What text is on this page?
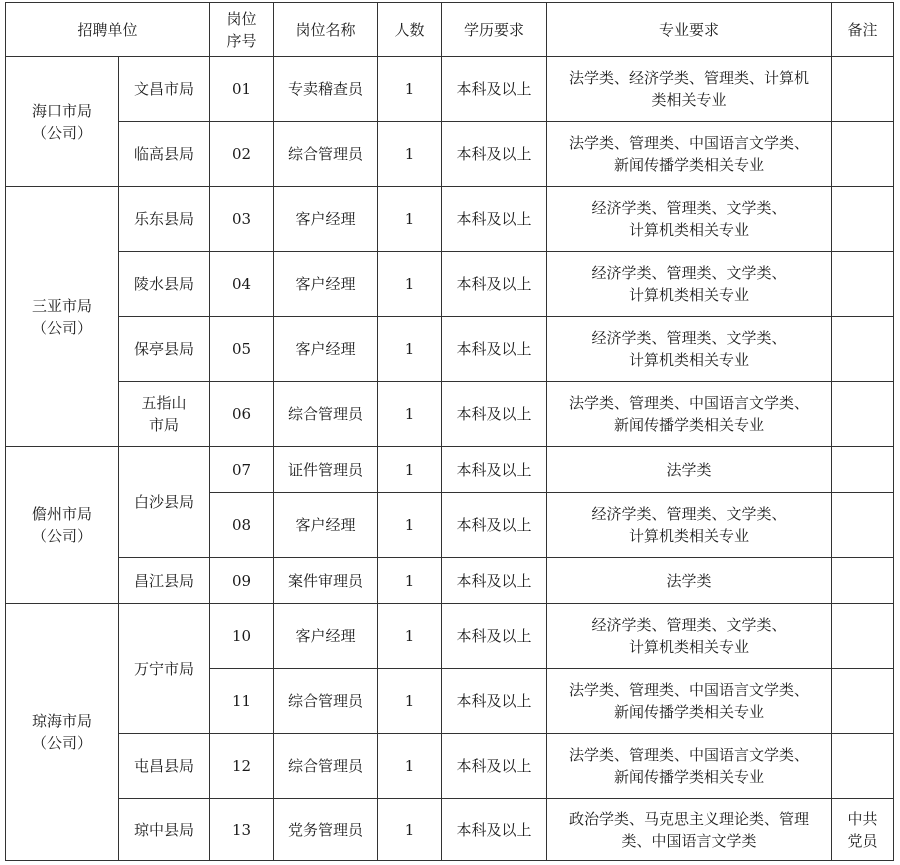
招聘单位		岗位
序号	岗位名称	人数	学历要求	专业要求	备注
海口市局
（公司）	文昌市局	01	专卖稽查员	1	本科及以上	法学类、经济学类、管理类、计算机
类相关专业	
	临高县局	02	综合管理员	1	本科及以上	法学类、管理类、中国语言文学类、
新闻传播学类相关专业	
三亚市局
（公司）	乐东县局	03	客户经理	1	本科及以上	经济学类、管理类、文学类、
计算机类相关专业	
	陵水县局	04	客户经理	1	本科及以上	经济学类、管理类、文学类、
计算机类相关专业	
	保亭县局	05	客户经理	1	本科及以上	经济学类、管理类、文学类、
计算机类相关专业	
	五指山
市局	06	综合管理员	1	本科及以上	法学类、管理类、中国语言文学类、
新闻传播学类相关专业	
儋州市局
（公司）	白沙县局	07	证件管理员	1	本科及以上	法学类	
		08	客户经理	1	本科及以上	经济学类、管理类、文学类、
计算机类相关专业	
	昌江县局	09	案件审理员	1	本科及以上	法学类	
琼海市局
（公司）	万宁市局	10	客户经理	1	本科及以上	经济学类、管理类、文学类、
计算机类相关专业	
		11	综合管理员	1	本科及以上	法学类、管理类、中国语言文学类、
新闻传播学类相关专业	
	屯昌县局	12	综合管理员	1	本科及以上	法学类、管理类、中国语言文学类、
新闻传播学类相关专业	
	琼中县局	13	党务管理员	1	本科及以上	政治学类、马克思主义理论类、管理
类、中国语言文学类	中共
党员
